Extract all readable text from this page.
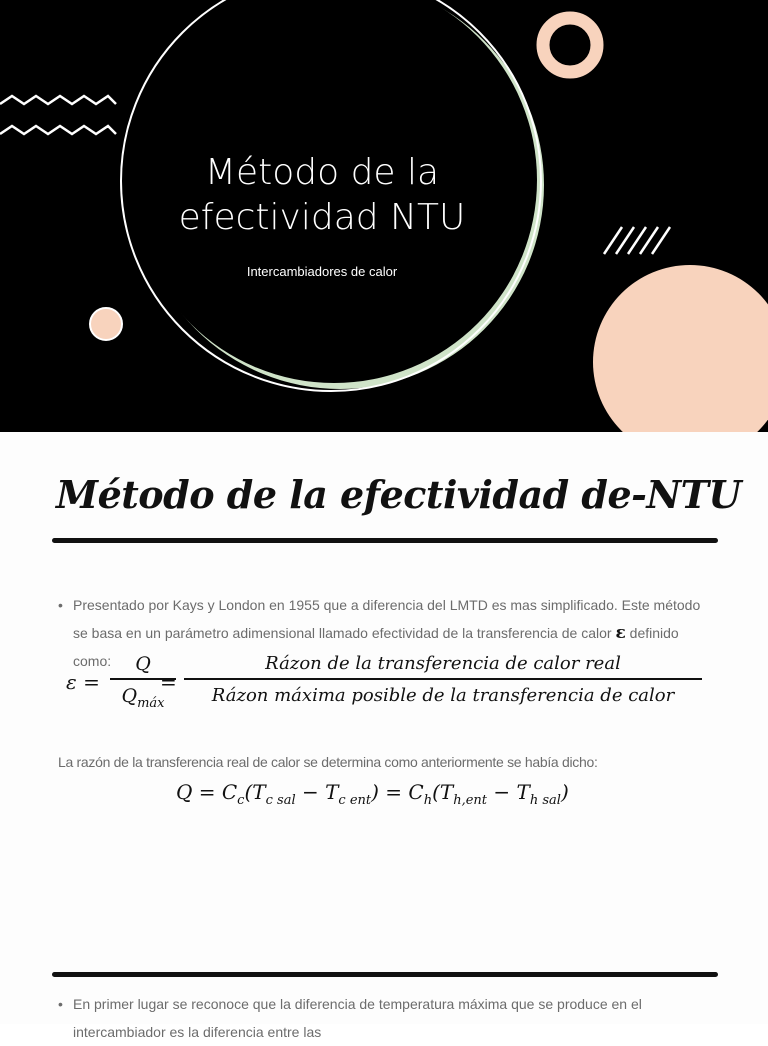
Método de la
efectividad NTU
Intercambiadores de calor
Método de la efectividad de-NTU
• Presentado por Kays y London en 1955 que a diferencia del LMTD es mas simplificado. Este método se basa en un parámetro adimensional llamado efectividad de la transferencia de calor ε definido como:
ε =
Q
$Q_{máx}$
=
Rázon de la transferencia de calor real
Rázon máxima posible de la transferencia de calor
La razón de la transferencia real de calor se determina como anteriormente se había dicho:
$Q = C_c(T_{c sal} - T_{c ent}) = C_h(T_{h,ent} - T_{h sal})$
• En primer lugar se reconoce que la diferencia de temperatura máxima que se produce en el intercambiador es la diferencia entre las
